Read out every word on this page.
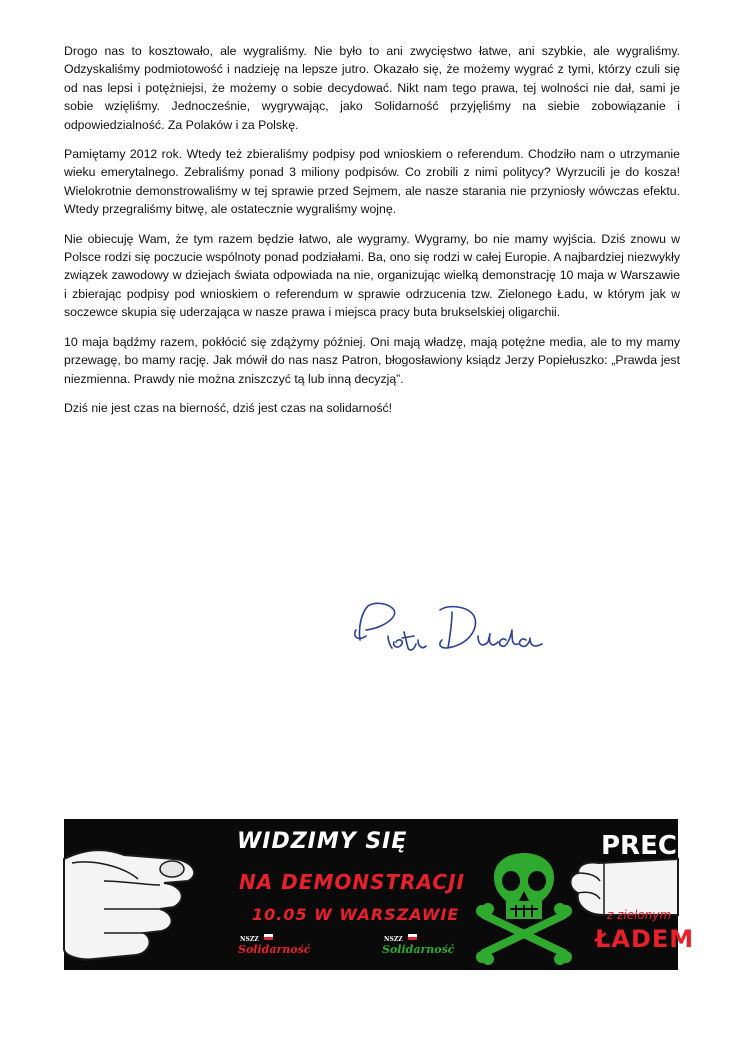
Drogo nas to kosztowało, ale wygraliśmy. Nie było to ani zwycięstwo łatwe, ani szybkie, ale wygraliśmy. Odzyskaliśmy podmiotowość i nadzieję na lepsze jutro. Okazało się, że możemy wygrać z tymi, którzy czuli się od nas lepsi i potężniejsi, że możemy o sobie decydować. Nikt nam tego prawa, tej wolności nie dał, sami je sobie wzięliśmy. Jednocześnie, wygrywając, jako Solidarność przyjęliśmy na siebie zobowiązanie i odpowiedzialność. Za Polaków i za Polskę.

Pamiętamy 2012 rok. Wtedy też zbieraliśmy podpisy pod wnioskiem o referendum. Chodziło nam o utrzymanie wieku emerytalnego. Zebraliśmy ponad 3 miliony podpisów. Co zrobili z nimi politycy? Wyrzucili je do kosza! Wielokrotnie demonstrowaliśmy w tej sprawie przed Sejmem, ale nasze starania nie przyniosły wówczas efektu. Wtedy przegraliśmy bitwę, ale ostatecznie wygraliśmy wojnę.

Nie obiecuję Wam, że tym razem będzie łatwo, ale wygramy. Wygramy, bo nie mamy wyjścia. Dziś znowu w Polsce rodzi się poczucie wspólnoty ponad podziałami. Ba, ono się rodzi w całej Europie. A najbardziej niezwykły związek zawodowy w dziejach świata odpowiada na nie, organizując wielką demonstrację 10 maja w Warszawie i zbierając podpisy pod wnioskiem o referendum w sprawie odrzucenia tzw. Zielonego Ładu, w którym jak w soczewce skupia się uderzająca w nasze prawa i miejsca pracy buta brukselskiej oligarchii.

10 maja bądźmy razem, pokłócić się zdążymy później. Oni mają władzę, mają potężne media, ale to my mamy przewagę, bo mamy rację. Jak mówił do nas nasz Patron, błogosławiony ksiądz Jerzy Popiełuszko: „Prawda jest niezmienna. Prawdy nie można zniszczyć tą lub inną decyzją”.

Dziś nie jest czas na bierność, dziś jest czas na solidarność!

WIDZIMY SIĘ
NA DEMONSTRACJI
10.05 W WARSZAWIE
NSZZ
Solidarność
NSZZ
Solidarność
PRECZ
z zielonym
ŁADEM
